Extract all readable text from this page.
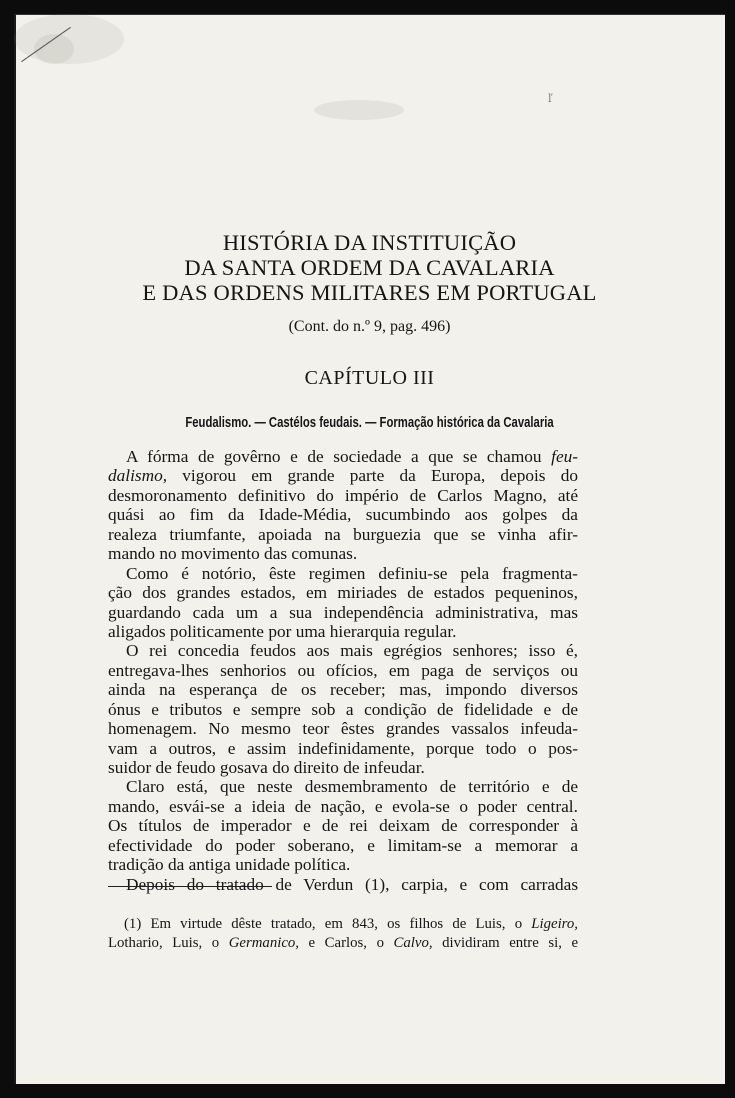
ľ
HISTÓRIA DA INSTITUIÇÃO
DA SANTA ORDEM DA CAVALARIA
E DAS ORDENS MILITARES EM PORTUGAL
(Cont. do n.º 9, pag. 496)
CAPÍTULO III
Feudalismo. — Castélos feudais. — Formação histórica da Cavalaria
A fórma de govêrno e de sociedade a que se chamou feu-
dalismo, vigorou em grande parte da Europa, depois do
desmoronamento definitivo do império de Carlos Magno, até
quási ao fim da Idade-Média, sucumbindo aos golpes da
realeza triumfante, apoiada na burguezia que se vinha afir-
mando no movimento das comunas.
Como é notório, êste regimen definiu-se pela fragmenta-
ção dos grandes estados, em miriades de estados pequeninos,
guardando cada um a sua independência administrativa, mas
aligados politicamente por uma hierarquia regular.
O rei concedia feudos aos mais egrégios senhores; isso é,
entregava-lhes senhorios ou ofícios, em paga de serviços ou
ainda na esperança de os receber; mas, impondo diversos
ónus e tributos e sempre sob a condição de fidelidade e de
homenagem. No mesmo teor êstes grandes vassalos infeuda-
vam a outros, e assim indefinidamente, porque todo o pos-
suidor de feudo gosava do direito de infeudar.
Claro está, que neste desmembramento de território e de
mando, esvái-se a ideia de nação, e evola-se o poder central.
Os títulos de imperador e de rei deixam de corresponder à
efectividade do poder soberano, e limitam-se a memorar a
tradição da antiga unidade política.
Depois do tratado de Verdun (1), carpia, e com carradas
(1) Em virtude dêste tratado, em 843, os filhos de Luis, o Ligeiro,
Lothario, Luis, o Germanico, e Carlos, o Calvo, dividiram entre si, e
